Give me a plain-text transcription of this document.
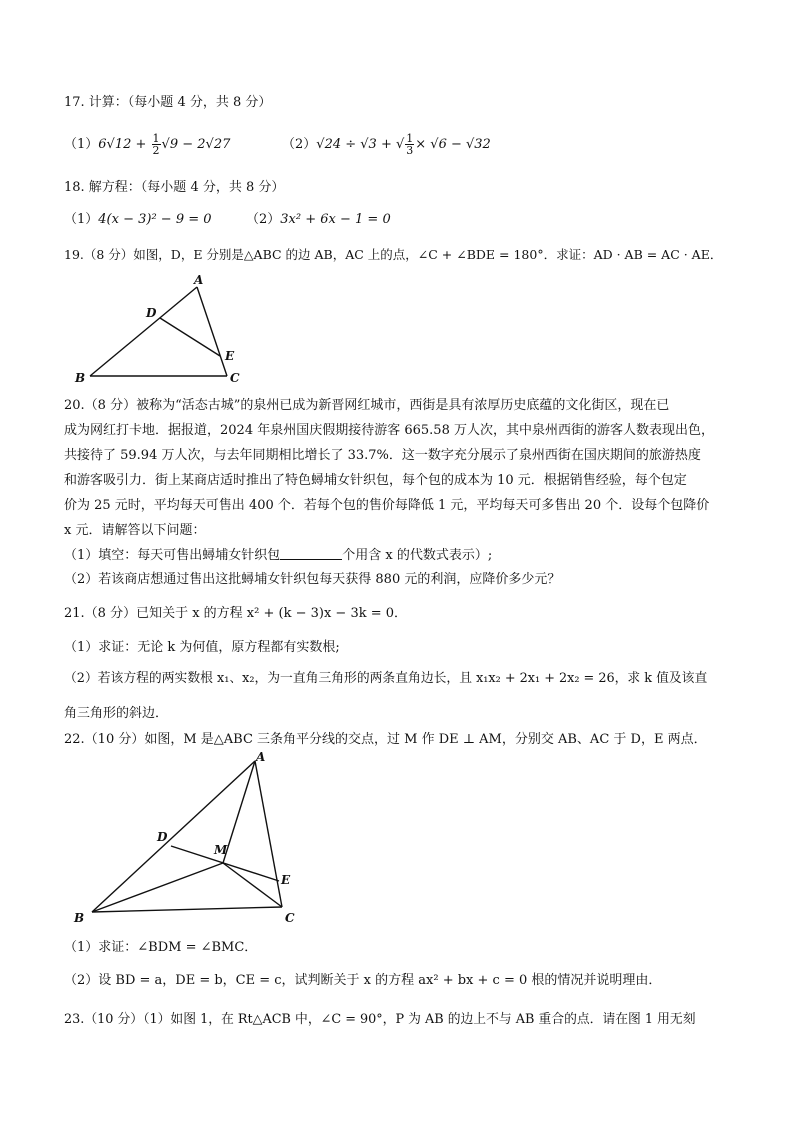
17. 计算：（每小题 4 分，共 8 分）
$(1)6√12 + \frac{1}{2} √9 - 2√27$	（2）√24 ÷ √3 + √ $\frac{1}{3} \times √6 - √32$
18. 解方程：（每小题 4 分，共 8 分）
（1）4(x − 3)² − 9 = 0	（2）3x² + 6x − 1 = 0
19.（8 分）如图，D，E 分别是△ABC 的边 AB，AC 上的点，∠C + ∠BDE = 180°．求证：AD · AB = AC · AE．
A
B	C
D
E
20.（8 分）被称为“活态古城”的泉州已成为新晋网红城市，西街是具有浓厚历史底蕴的文化街区，现在已
成为网红打卡地．据报道，2024 年泉州国庆假期接待游客 665.58 万人次，其中泉州西街的游客人数表现出色，
共接待了 59.94 万人次，与去年同期相比增长了 33.7%．这一数字充分展示了泉州西街在国庆期间的旅游热度
和游客吸引力．街上某商店适时推出了特色蟳埔女针织包，每个包的成本为 10 元．根据销售经验，每个包定
价为 25 元时，平均每天可售出 400 个．若每个包的售价每降低 1 元，平均每天可多售出 20 个．设每个包降价
x 元．请解答以下问题：
（1）填空：每天可售出蟳埔女针织包	个用含 x 的代数式表示）;
（2）若该商店想通过售出这批蟳埔女针织包每天获得 880 元的利润，应降价多少元？
21.（8 分）已知关于 x 的方程 x² + (k − 3)x − 3k = 0．
（1）求证：无论 k 为何值，原方程都有实数根;
（2）若该方程的两实数根 x₁、x₂，为一直角三角形的两条直角边长，且 x₁x₂ + 2x₁ + 2x₂ = 26，求 k 值及该直
角三角形的斜边．
22.（10 分）如图，M 是△ABC 三条角平分线的交点，过 M 作 DE ⊥ AM，分别交 AB、AC 于 D，E 两点．
A
B	C
D
E
M
（1）求证：∠BDM = ∠BMC．
（2）设 BD = a，DE = b，CE = c，试判断关于 x 的方程 ax² + bx + c = 0 根的情况并说明理由．
23.（10 分）（1）如图 1，在 Rt△ACB 中，∠C = 90°，P 为 AB 的边上不与 AB 重合的点．请在图 1 用无刻
